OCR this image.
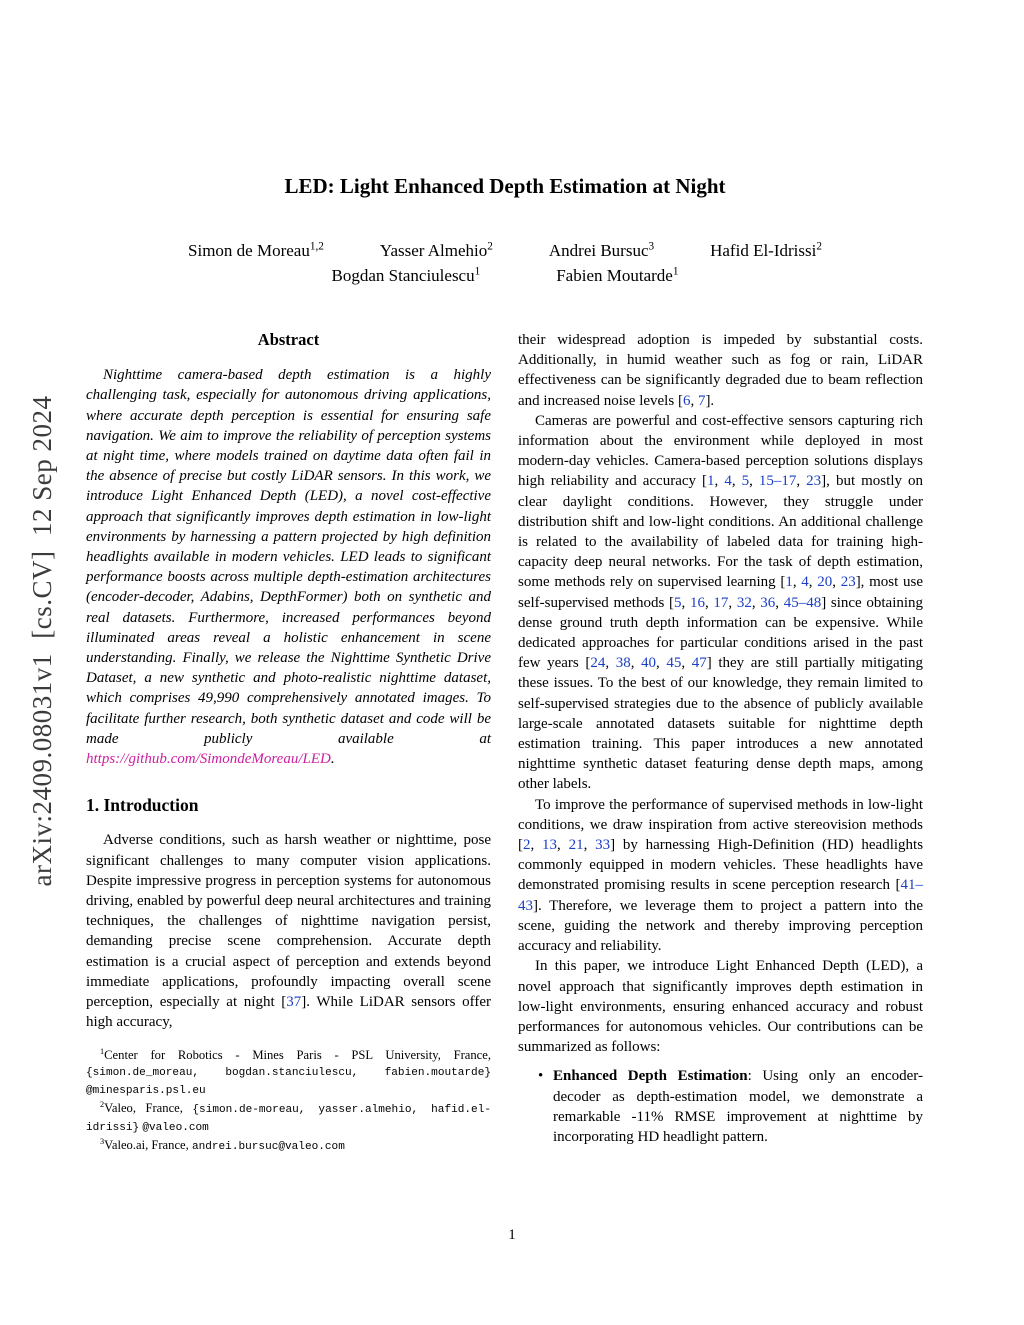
arXiv:2409.08031v1  [cs.CV]  12 Sep 2024
LED: Light Enhanced Depth Estimation at Night
Simon de Moreau$^{1,2}$	Yasser Almehio$^2$	Andrei Bursuc$^3$	Hafid El-Idrissi$^2$
Bogdan Stanciulescu$^1$	Fabien Moutarde$^1$
Abstract

Nighttime camera-based depth estimation is a highly challenging task, especially for autonomous driving applications, where accurate depth perception is essential for ensuring safe navigation. We aim to improve the reliability of perception systems at night time, where models trained on daytime data often fail in the absence of precise but costly LiDAR sensors. In this work, we introduce Light Enhanced Depth (LED), a novel cost-effective approach that significantly improves depth estimation in low-light environments by harnessing a pattern projected by high definition headlights available in modern vehicles. LED leads to significant performance boosts across multiple depth-estimation architectures (encoder-decoder, Adabins, DepthFormer) both on synthetic and real datasets. Furthermore, increased performances beyond illuminated areas reveal a holistic enhancement in scene understanding. Finally, we release the Nighttime Synthetic Drive Dataset, a new synthetic and photo-realistic nighttime dataset, which comprises 49,990 comprehensively annotated images. To facilitate further research, both synthetic dataset and code will be made publicly available at https://github.com/SimondeMoreau/LED.

1. Introduction

Adverse conditions, such as harsh weather or nighttime, pose significant challenges to many computer vision applications. Despite impressive progress in perception systems for autonomous driving, enabled by powerful deep neural architectures and training techniques, the challenges of nighttime navigation persist, demanding precise scene comprehension. Accurate depth estimation is a crucial aspect of perception and extends beyond immediate applications, profoundly impacting overall scene perception, especially at night [37]. While LiDAR sensors offer high accuracy,

$^1$Center for Robotics - Mines Paris - PSL University, France, {simon.de_moreau, bogdan.stanciulescu, fabien.moutarde} @minesparis.psl.eu

$^2$Valeo, France, {simon.de-moreau, yasser.almehio, hafid.el-idrissi} @valeo.com

$^3$Valeo.ai, France, andrei.bursuc@valeo.com

their widespread adoption is impeded by substantial costs. Additionally, in humid weather such as fog or rain, LiDAR effectiveness can be significantly degraded due to beam reflection and increased noise levels [6, 7].

Cameras are powerful and cost-effective sensors capturing rich information about the environment while deployed in most modern-day vehicles. Camera-based perception solutions displays high reliability and accuracy [1, 4, 5, 15–17, 23], but mostly on clear daylight conditions. However, they struggle under distribution shift and low-light conditions. An additional challenge is related to the availability of labeled data for training high-capacity deep neural networks. For the task of depth estimation, some methods rely on supervised learning [1, 4, 20, 23], most use self-supervised methods [5, 16, 17, 32, 36, 45–48] since obtaining dense ground truth depth information can be expensive. While dedicated approaches for particular conditions arised in the past few years [24, 38, 40, 45, 47] they are still partially mitigating these issues. To the best of our knowledge, they remain limited to self-supervised strategies due to the absence of publicly available large-scale annotated datasets suitable for nighttime depth estimation training. This paper introduces a new annotated nighttime synthetic dataset featuring dense depth maps, among other labels.

To improve the performance of supervised methods in low-light conditions, we draw inspiration from active stereovision methods [2, 13, 21, 33] by harnessing High-Definition (HD) headlights commonly equipped in modern vehicles. These headlights have demonstrated promising results in scene perception research [41–43]. Therefore, we leverage them to project a pattern into the scene, guiding the network and thereby improving perception accuracy and reliability.

In this paper, we introduce Light Enhanced Depth (LED), a novel approach that significantly improves depth estimation in low-light environments, ensuring enhanced accuracy and robust performances for autonomous vehicles. Our contributions can be summarized as follows:

• Enhanced Depth Estimation: Using only an encoder-decoder as depth-estimation model, we demonstrate a remarkable -11% RMSE improvement at nighttime by incorporating HD headlight pattern.
1
